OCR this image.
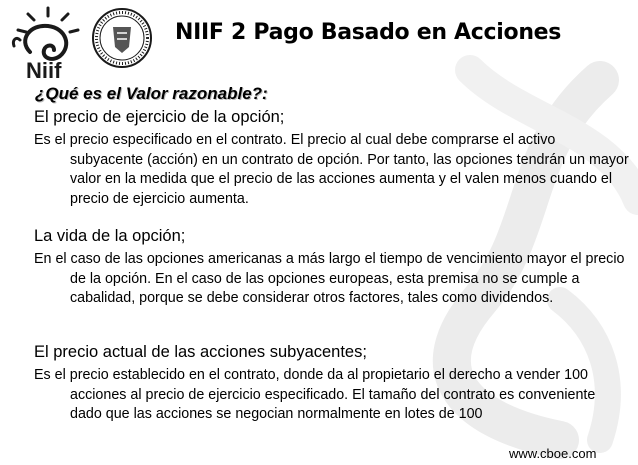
Niif
NIIF 2 Pago Basado en Acciones
¿Qué es el Valor razonable?:

El precio de ejercicio de la opción;

Es el precio especificado en el contrato. El precio al cual debe comprarse el activo subyacente (acción) en un contrato de opción. Por tanto, las opciones tendrán un mayor valor en la medida que el precio de las acciones aumenta y el valen menos cuando el precio de ejercicio aumenta.

La vida de la opción;

En el caso de las opciones americanas a más largo el tiempo de vencimiento mayor el precio de la opción. En el caso de las opciones europeas, esta premisa no se cumple a cabalidad, porque se debe considerar otros factores, tales como dividendos.

El precio actual de las acciones subyacentes;

Es el precio establecido en el contrato, donde da al propietario el derecho a vender 100 acciones al precio de ejercicio especificado. El tamaño del contrato es conveniente dado que las acciones se negocian normalmente en lotes de 100

www.cboe.com
